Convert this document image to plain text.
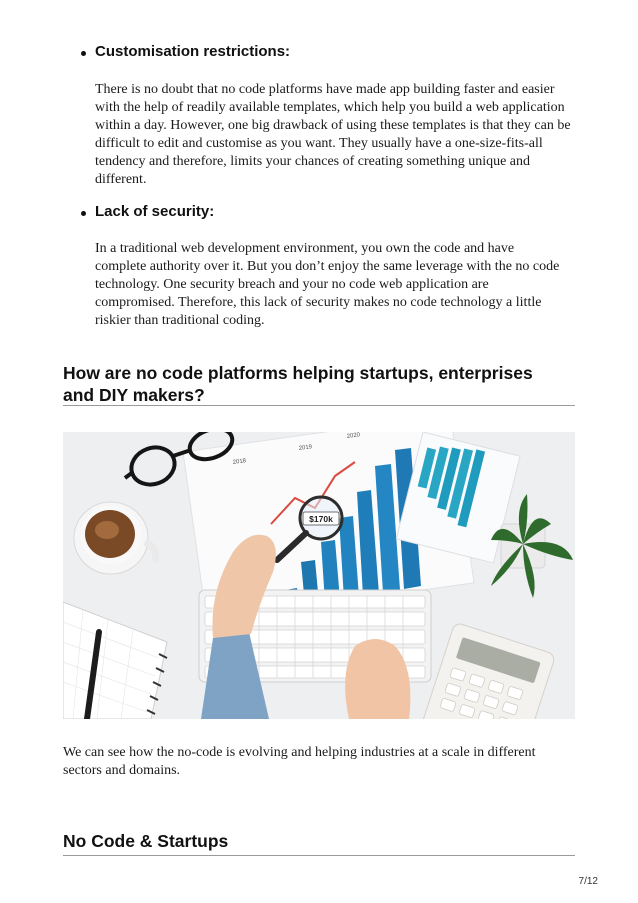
Customisation restrictions:

There is no doubt that no code platforms have made app building faster and easier with the help of readily available templates, which help you build a web application within a day. However, one big drawback of using these templates is that they can be difficult to edit and customise as you want. They usually have a one-size-fits-all tendency and therefore, limits your chances of creating something unique and different.

Lack of security:

In a traditional web development environment, you own the code and have complete authority over it. But you don’t enjoy the same leverage with the no code technology. One security breach and your no code web application are compromised. Therefore, this lack of security makes no code technology a little riskier than traditional coding.

How are no code platforms helping startups, enterprises and DIY makers?
2018
2019
2020
$170k

We can see how the no-code is evolving and helping industries at a scale in different sectors and domains.

No Code & Startups
7/12
